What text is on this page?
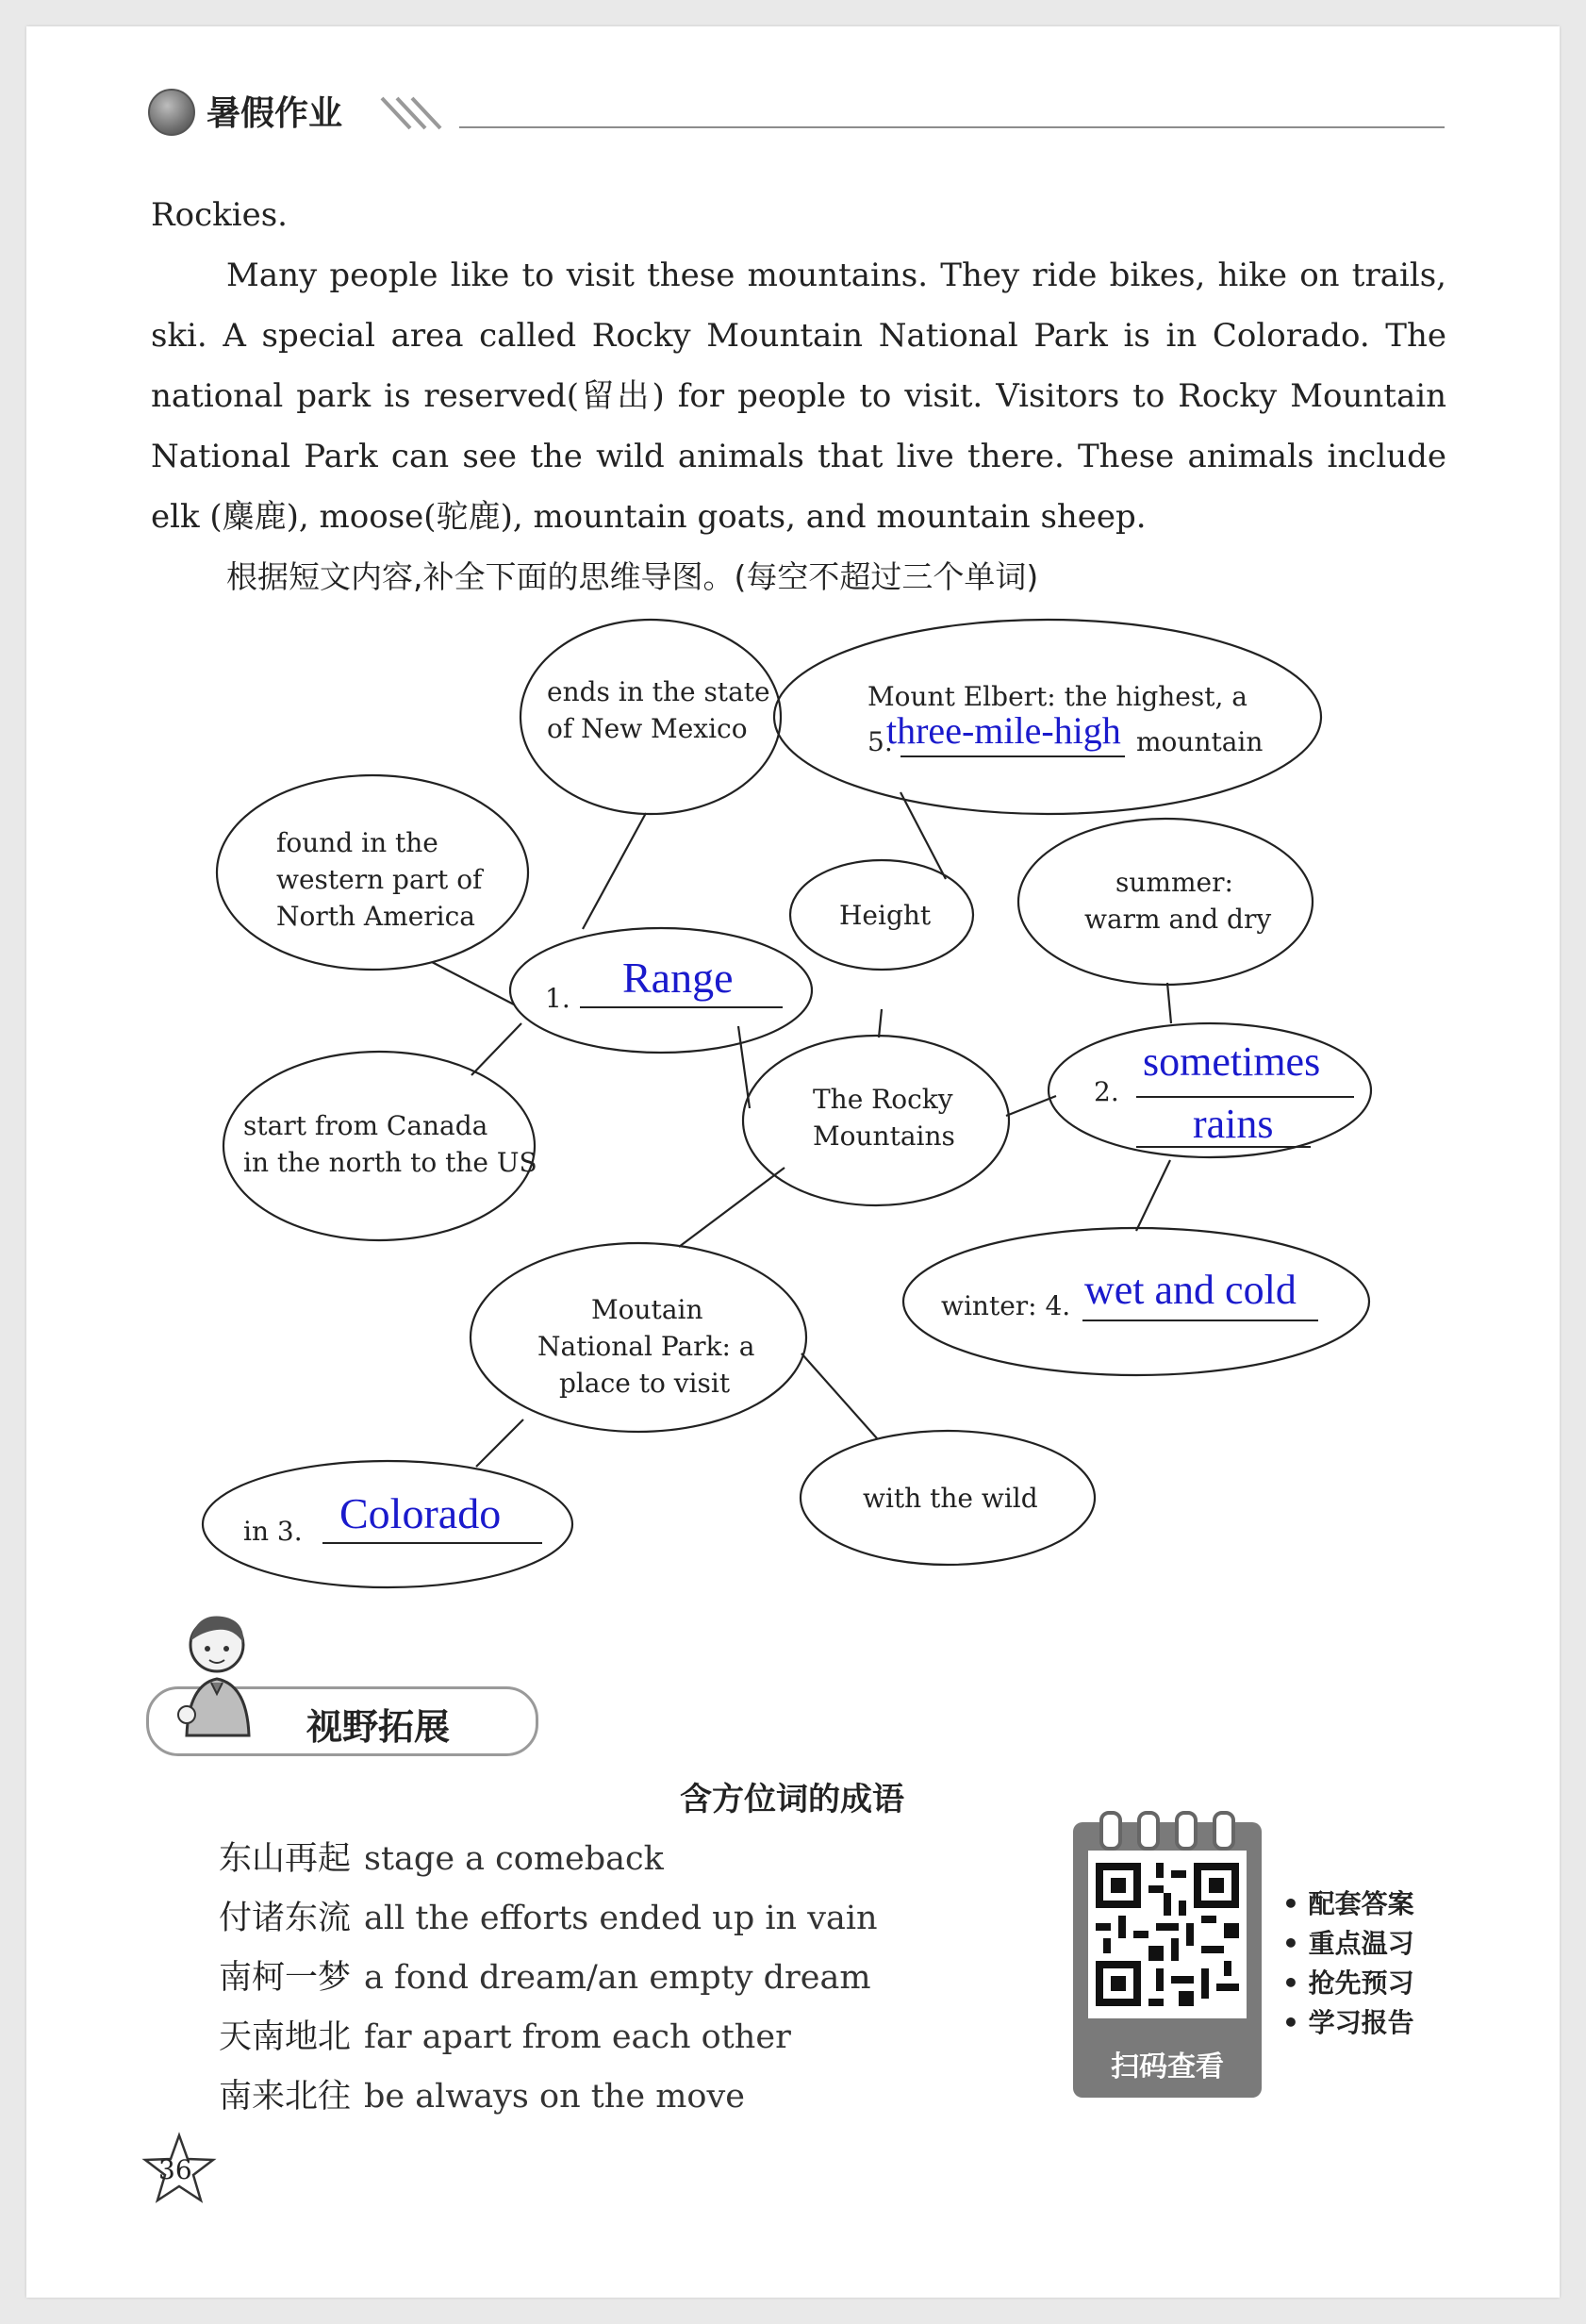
暑假作业
Rockies.
Many people like to visit these mountains. They ride bikes, hike on trails, ski. A special area called Rocky Mountain National Park is in Colorado. The national park is reserved(留出) for people to visit. Visitors to Rocky Mountain National Park can see the wild animals that live there. These animals include elk (麋鹿), moose(驼鹿), mountain goats, and mountain sheep.
根据短文内容,补全下面的思维导图。(每空不超过三个单词)
ends in the state
of New Mexico
found in the
western part of
North America
1. Range
start from Canada
in the north to the US
Mount Elbert: the highest, a
5.
three-mile-high mountain
Height
summer:
warm and dry
The Rocky
Mountains
2.
sometimes
rains
winter: 4. wet and cold
Moutain
National Park: a
place to visit
in 3. Colorado	with the wild
视野拓展
含方位词的成语
东山再起 stage a comeback
付诸东流 all the efforts ended up in vain
南柯一梦 a fond dream/an empty dream
天南地北 far apart from each other
南来北往 be always on the move
扫码查看
• 配套答案
• 重点温习
• 抢先预习
• 学习报告
36
